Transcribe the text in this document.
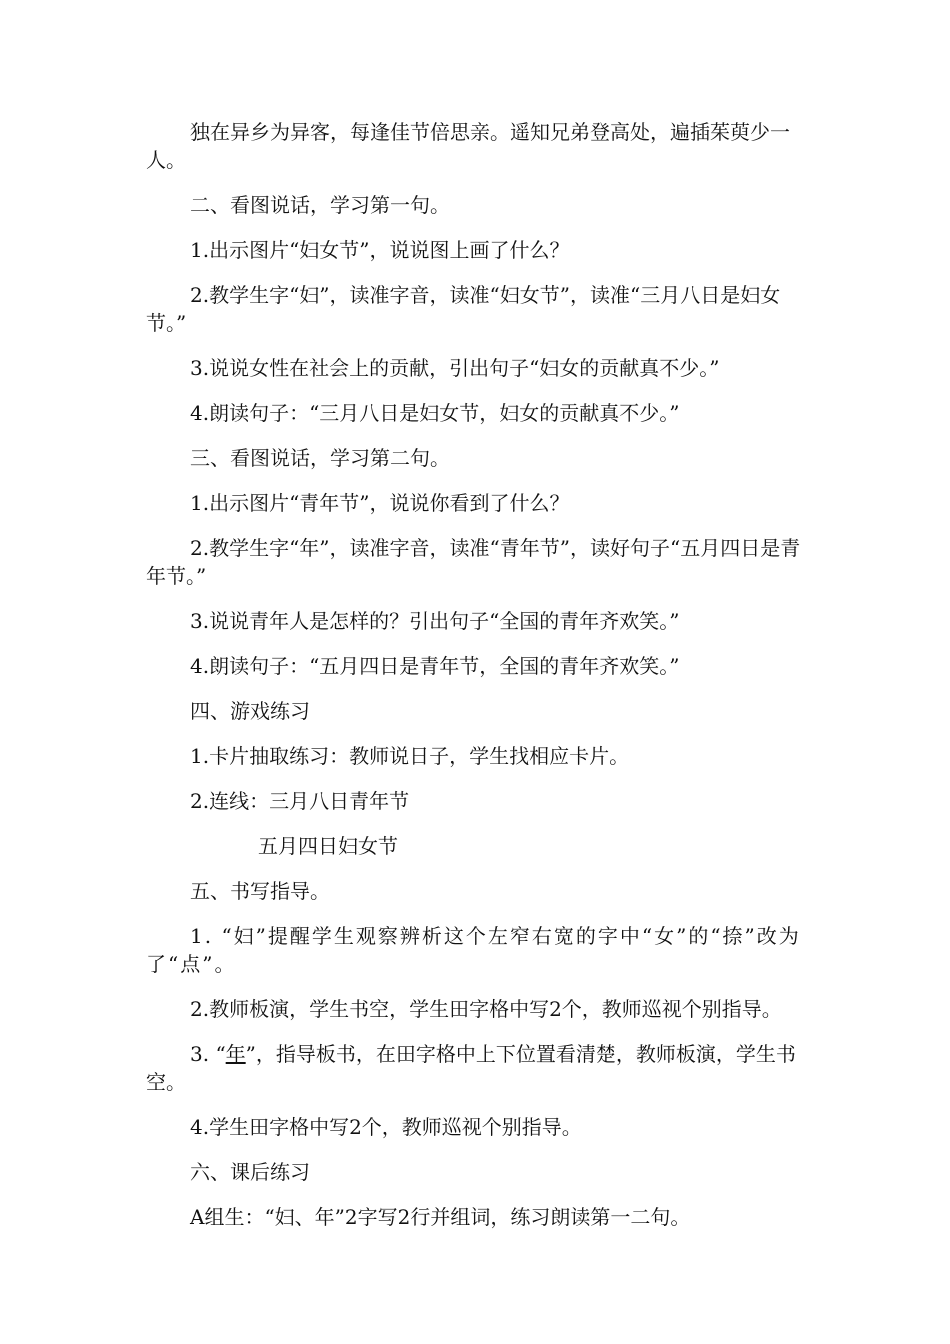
独在异乡为异客，每逢佳节倍思亲。遥知兄弟登高处，遍插茱萸少一人。

二、看图说话，学习第一句。

1.出示图片“妇女节”，说说图上画了什么？

2.教学生字“妇”，读准字音，读准“妇女节”，读准“三月八日是妇女节。”

3.说说女性在社会上的贡献，引出句子“妇女的贡献真不少。”

4.朗读句子：“三月八日是妇女节，妇女的贡献真不少。”

三、看图说话，学习第二句。

1.出示图片“青年节”，说说你看到了什么？

2.教学生字“年”，读准字音，读准“青年节”，读好句子“五月四日是青年节。”

3.说说青年人是怎样的？引出句子“全国的青年齐欢笑。”

4.朗读句子：“五月四日是青年节，全国的青年齐欢笑。”

四、游戏练习

1.卡片抽取练习：教师说日子，学生找相应卡片。

2.连线：三月八日青年节

五月四日妇女节

五、书写指导。

1. “妇”提醒学生观察辨析这个左窄右宽的字中“女”的“捺”改为了“点”。

2.教师板演，学生书空，学生田字格中写2个，教师巡视个别指导。

3. “年”，指导板书，在田字格中上下位置看清楚，教师板演，学生书空。

4.学生田字格中写2个，教师巡视个别指导。

六、课后练习

A组生：“妇、年”2字写2行并组词，练习朗读第一二句。
